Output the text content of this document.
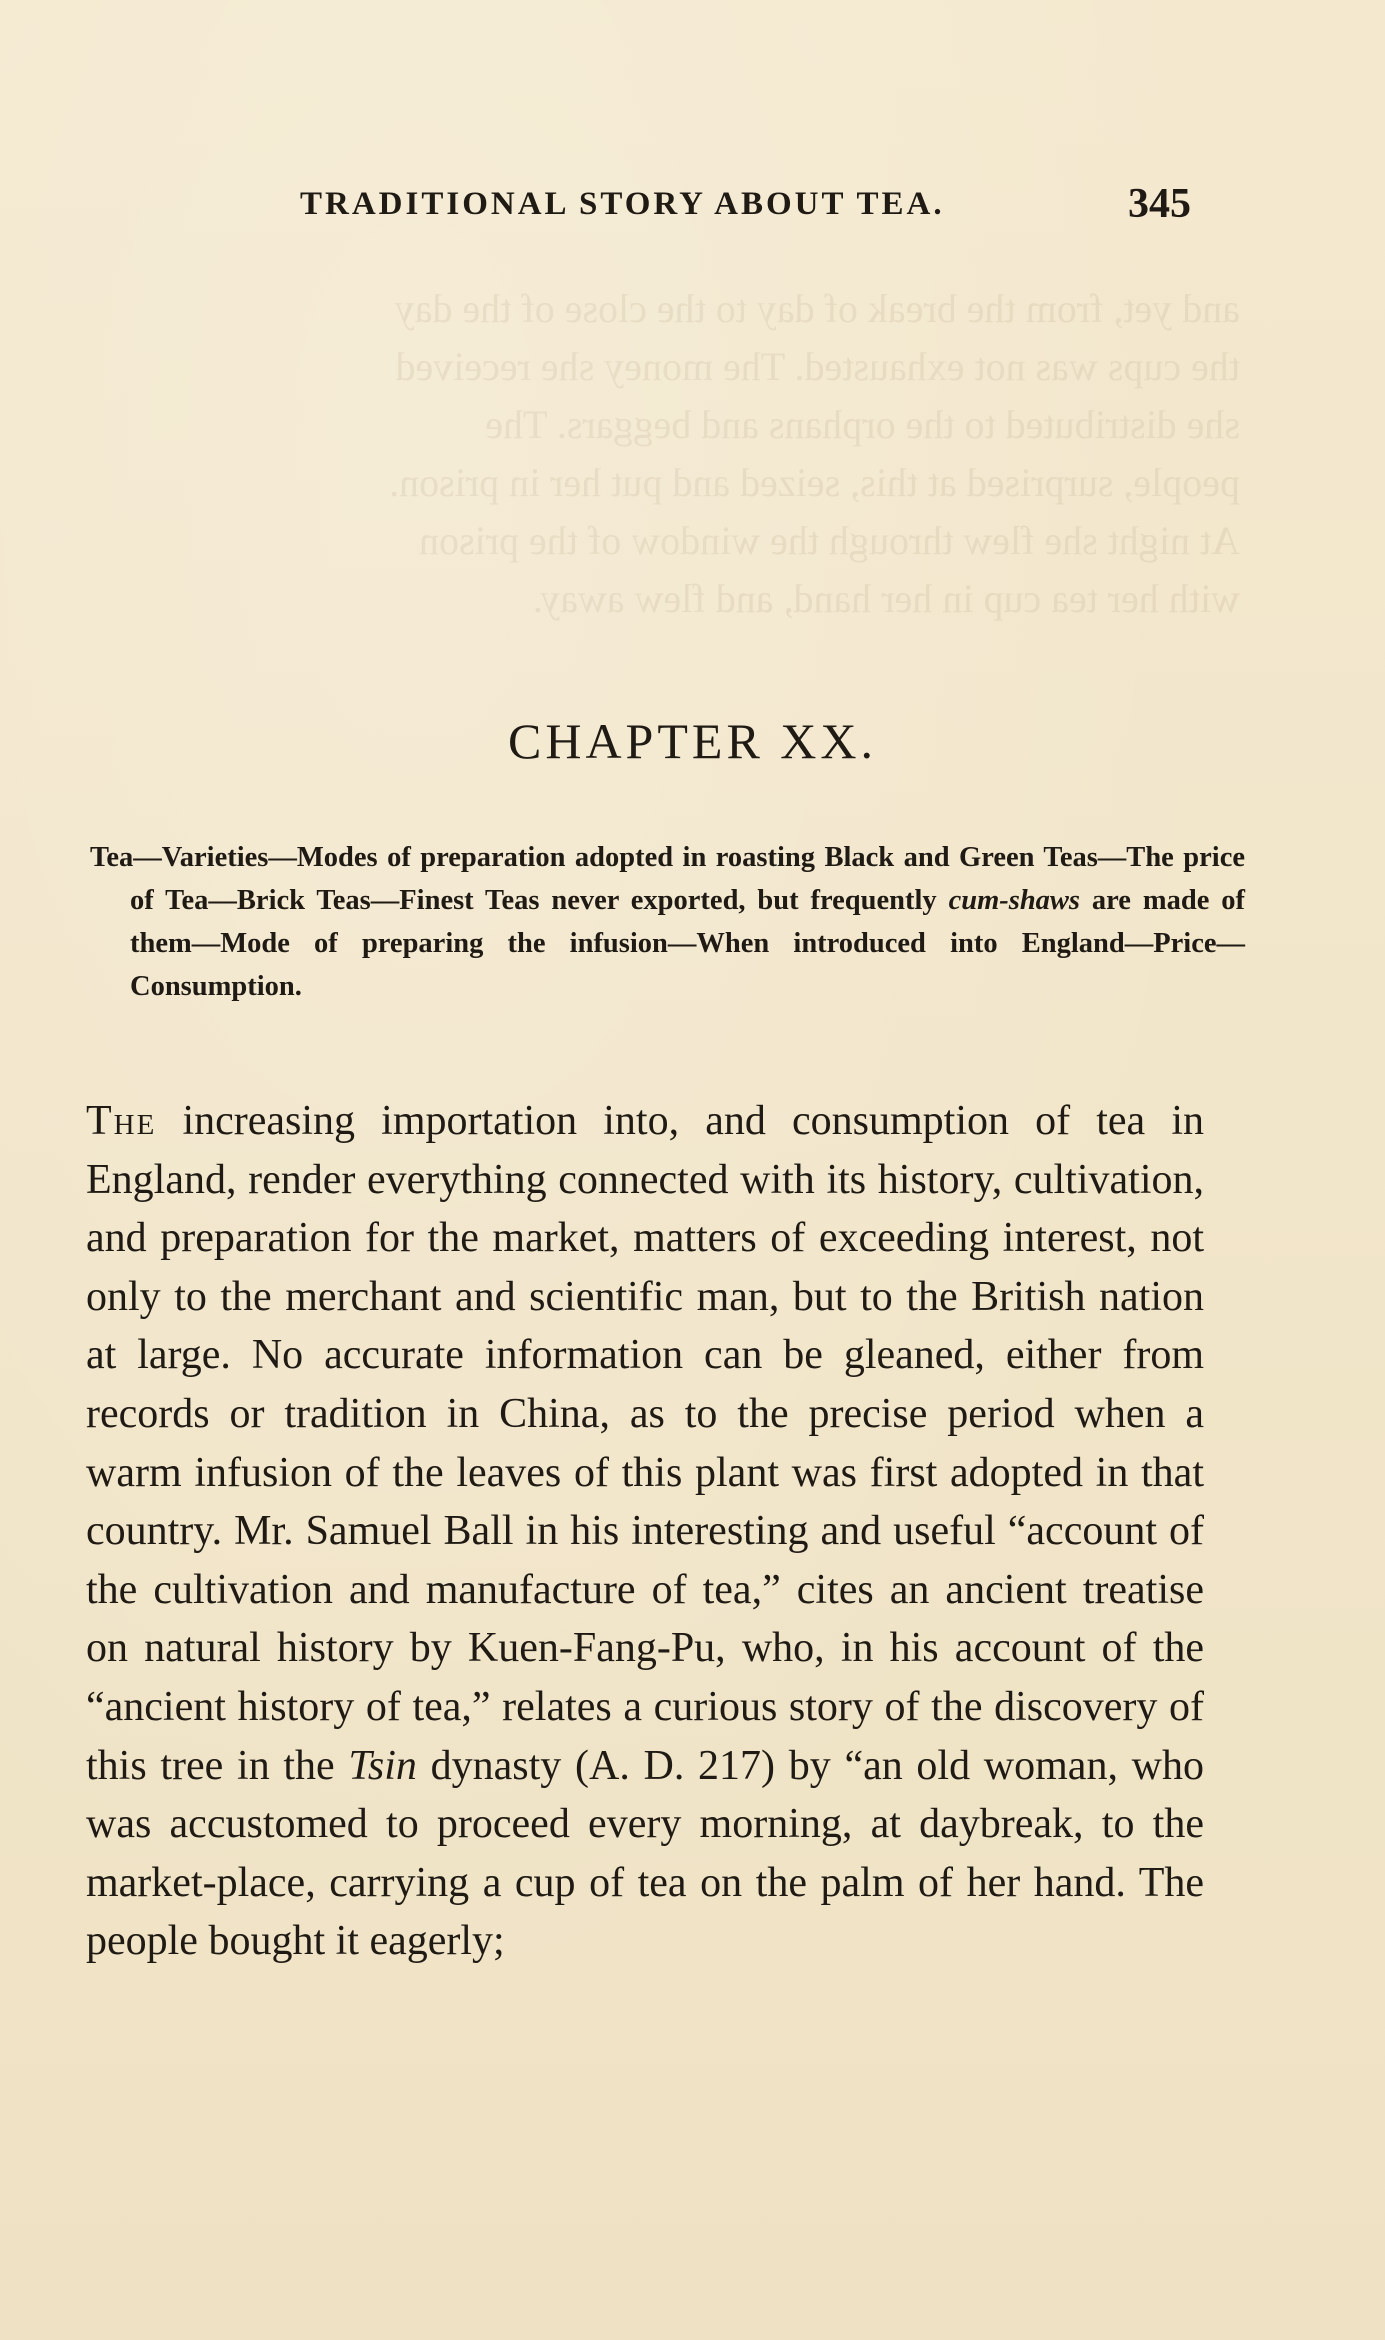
and yet, from the break of day to the close of the day
the cups was not exhausted. The money she received
she distributed to the orphans and beggars. The
people, surprised at this, seized and put her in prison.
At night she flew through the window of the prison
with her tea cup in her hand, and flew away.
TRADITIONAL STORY ABOUT TEA.	345
CHAPTER XX.
Tea—Varieties—Modes of preparation adopted in roasting Black and Green Teas—The price of Tea—Brick Teas—Finest Teas never exported, but frequently cum-shaws are made of them—Mode of preparing the infusion—When introduced into England—Price—Consumption.
The increasing importation into, and consumption of tea in England, render everything connected with its history, cultivation, and preparation for the market, matters of exceeding interest, not only to the merchant and scientific man, but to the British nation at large. No accurate information can be gleaned, either from records or tradition in China, as to the precise period when a warm infusion of the leaves of this plant was first adopted in that country. Mr. Samuel Ball in his interesting and useful “account of the cultivation and manufacture of tea,” cites an ancient treatise on natural history by Kuen-Fang-Pu, who, in his account of the “ancient history of tea,” relates a curious story of the discovery of this tree in the Tsin dynasty (A. D. 217) by “an old woman, who was accustomed to proceed every morning, at daybreak, to the market-place, carrying a cup of tea on the palm of her hand. The people bought it eagerly;
